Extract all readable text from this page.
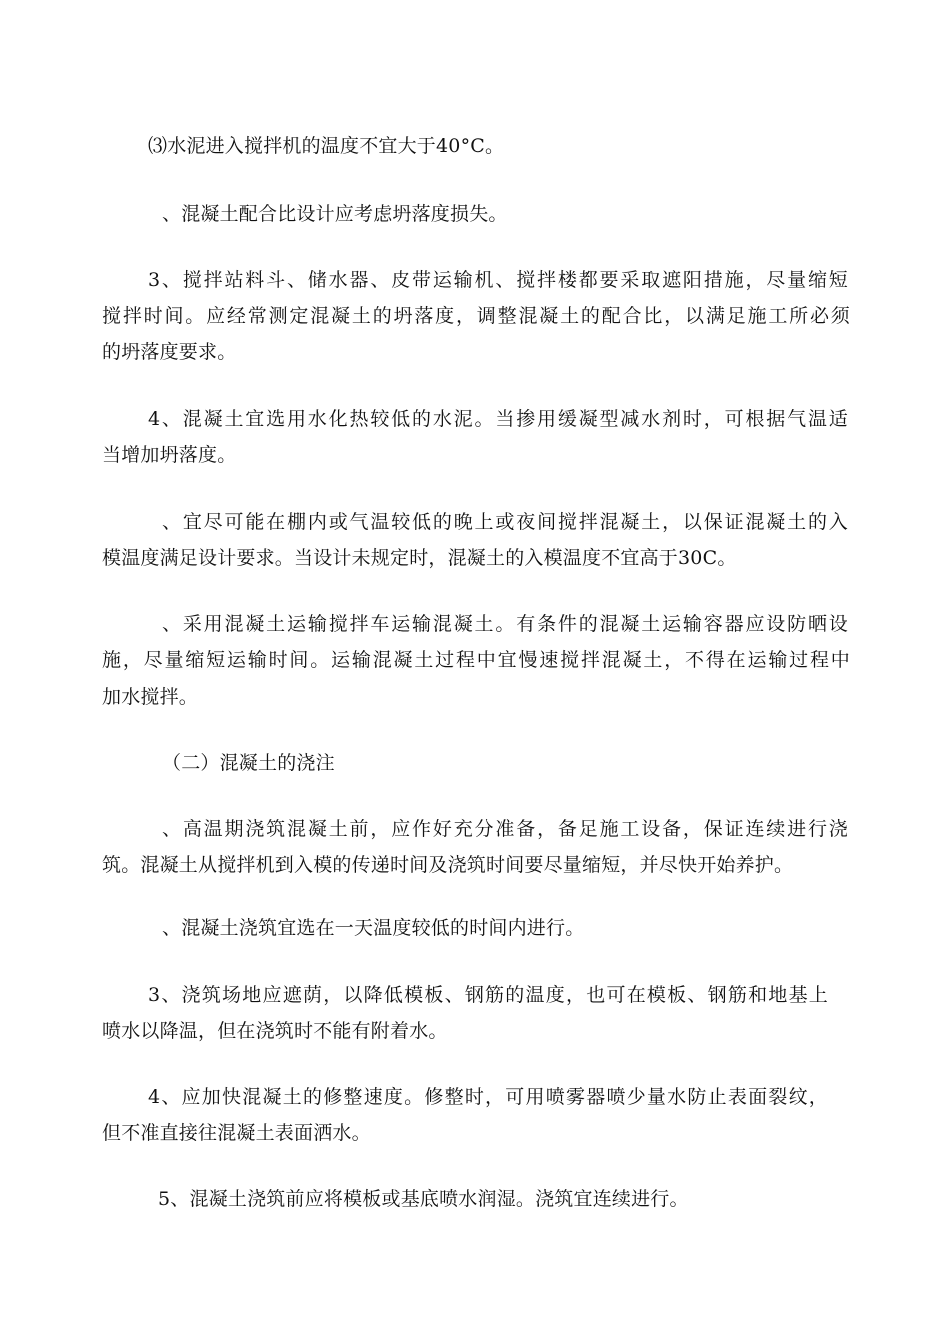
⑶水泥进入搅拌机的温度不宜大于40°C。
、混凝土配合比设计应考虑坍落度损失。
3、搅拌站料斗、储水器、皮带运输机、搅拌楼都要采取遮阳措施，尽量缩短
搅拌时间。应经常测定混凝土的坍落度，调整混凝土的配合比，以满足施工所必须
的坍落度要求。
4、混凝土宜选用水化热较低的水泥。当掺用缓凝型减水剂时，可根据气温适
当增加坍落度。
、宜尽可能在棚内或气温较低的晚上或夜间搅拌混凝土，以保证混凝土的入
模温度满足设计要求。当设计未规定时，混凝土的入模温度不宜高于30C。
、采用混凝土运输搅拌车运输混凝土。有条件的混凝土运输容器应设防晒设
施，尽量缩短运输时间。运输混凝土过程中宜慢速搅拌混凝土，不得在运输过程中
加水搅拌。
（二）混凝土的浇注
、高温期浇筑混凝土前，应作好充分准备，备足施工设备，保证连续进行浇
筑。混凝土从搅拌机到入模的传递时间及浇筑时间要尽量缩短，并尽快开始养护。
、混凝土浇筑宜选在一天温度较低的时间内进行。
3、浇筑场地应遮荫，以降低模板、钢筋的温度，也可在模板、钢筋和地基上
喷水以降温，但在浇筑时不能有附着水。
4、应加快混凝土的修整速度。修整时，可用喷雾器喷少量水防止表面裂纹，
但不准直接往混凝土表面洒水。
5、混凝土浇筑前应将模板或基底喷水润湿。浇筑宜连续进行。
